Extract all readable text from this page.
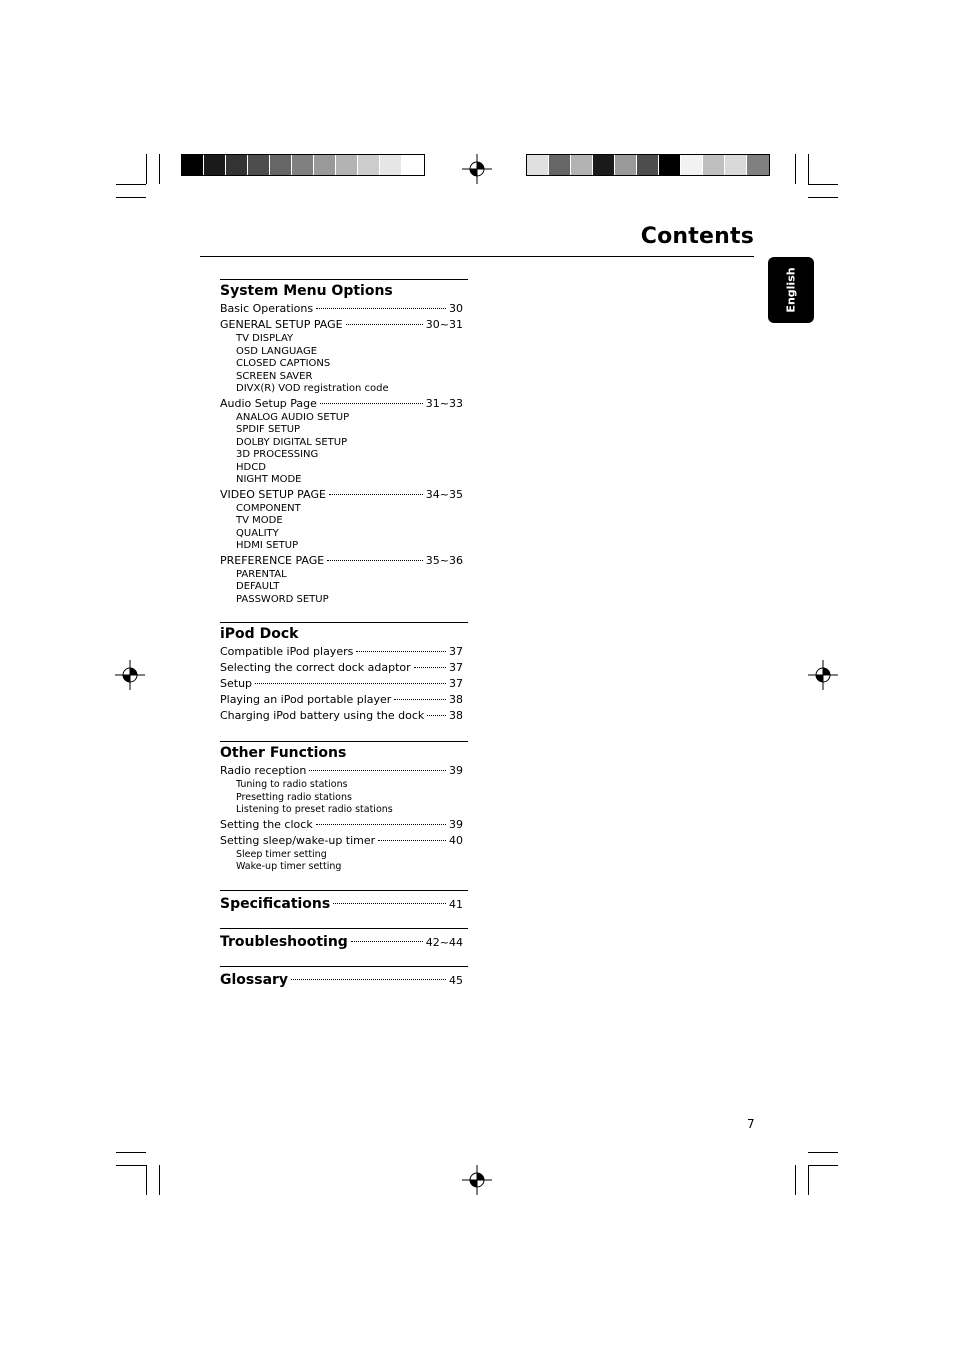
Contents
English
System Menu Options
Basic Operations	30
GENERAL SETUP PAGE	30~31
TV DISPLAY
OSD LANGUAGE
CLOSED CAPTIONS
SCREEN SAVER
DIVX(R) VOD registration code
Audio Setup Page	31~33
ANALOG AUDIO SETUP
SPDIF SETUP
DOLBY DIGITAL SETUP
3D PROCESSING
HDCD
NIGHT MODE
VIDEO SETUP PAGE	34~35
COMPONENT
TV MODE
QUALITY
HDMI SETUP
PREFERENCE PAGE	35~36
PARENTAL
DEFAULT
PASSWORD SETUP
iPod Dock
Compatible iPod players	37
Selecting the correct dock adaptor	37
Setup	37
Playing an iPod portable player	38
Charging iPod battery using the dock 38
Other Functions
Radio reception	39
Tuning to radio stations
Presetting radio stations
Listening to preset radio stations
Setting the clock	39
Setting sleep/wake-up timer	40
Sleep timer setting
Wake-up timer setting
Specifications	41
Troubleshooting	42~44
Glossary	45
7
